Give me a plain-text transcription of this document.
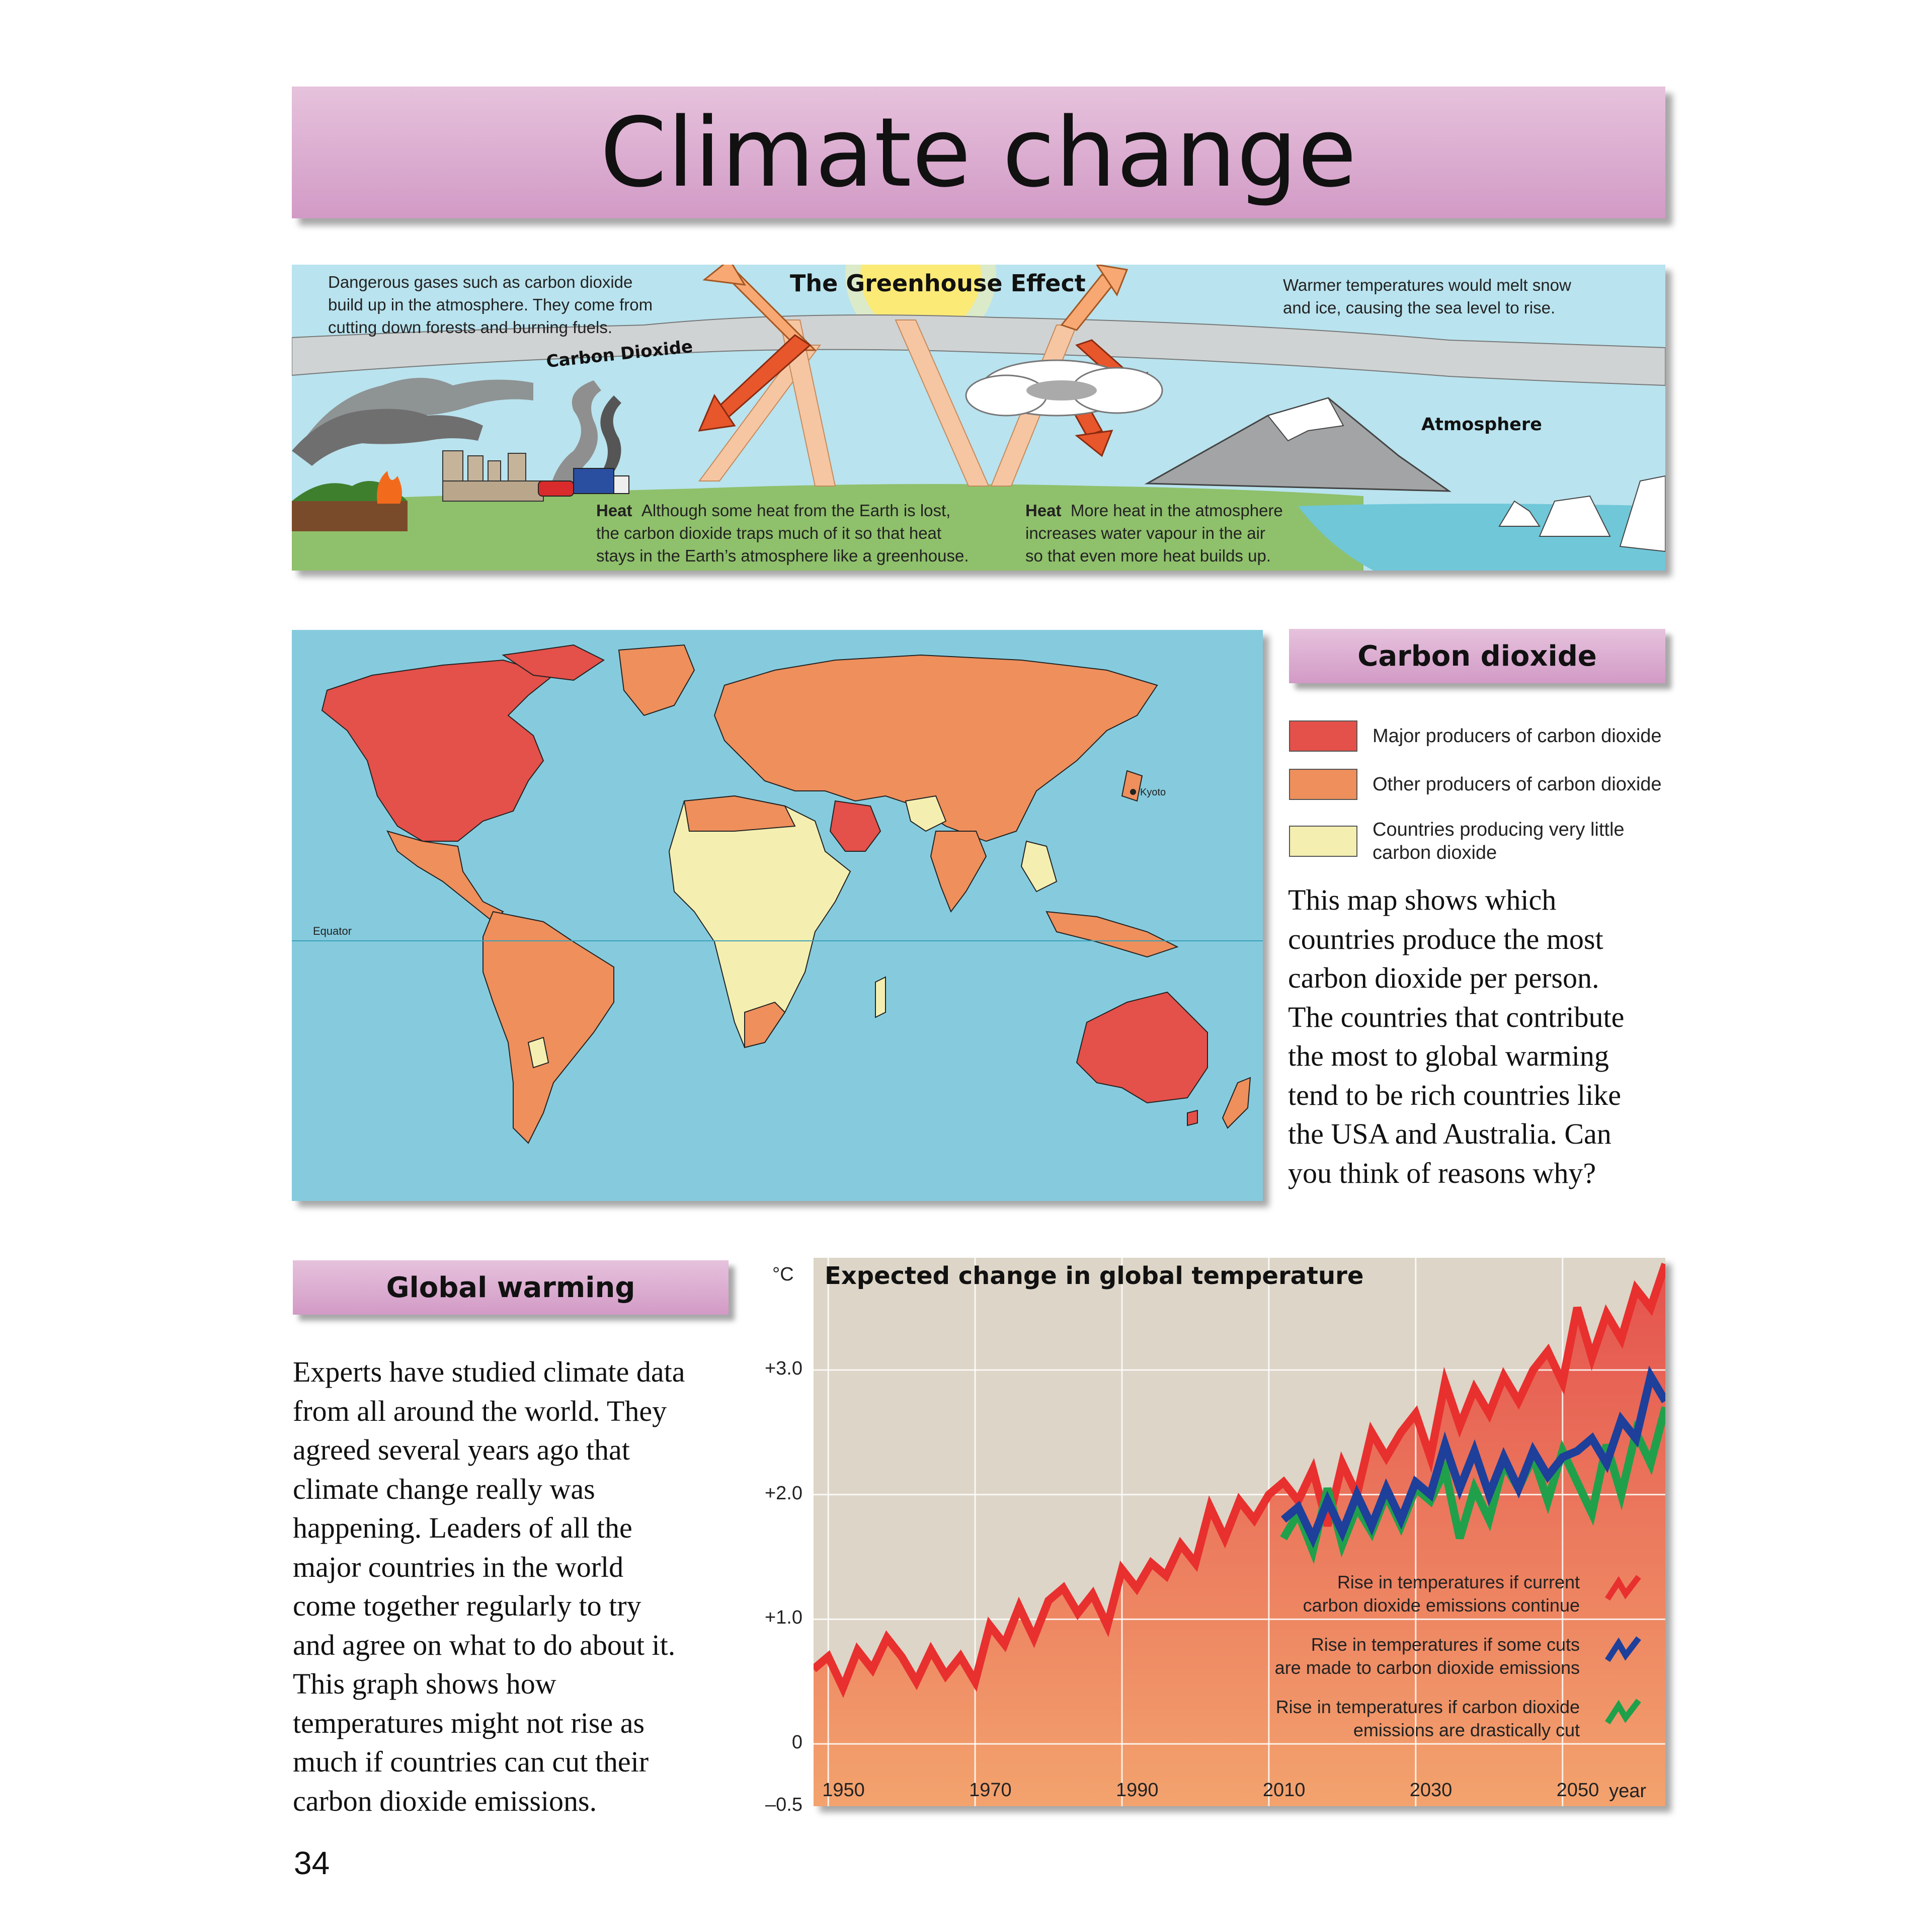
Climate change
The Greenhouse Effect
Carbon Dioxide
Atmosphere
Dangerous gases such as carbon dioxide
build up in the atmosphere. They come from
cutting down forests and burning fuels.
Warmer temperatures would melt snow
and ice, causing the sea level to rise.
Heat Although some heat from the Earth is lost,
the carbon dioxide traps much of it so that heat
stays in the Earth’s atmosphere like a greenhouse.
Heat More heat in the atmosphere
increases water vapour in the air
so that even more heat builds up.
Equator
Kyoto
Carbon dioxide
Major producers of carbon dioxide
Other producers of carbon dioxide
Countries producing very little
carbon dioxide
This map shows which
countries produce the most
carbon dioxide per person.
The countries that contribute
the most to global warming
tend to be rich countries like
the USA and Australia. Can
you think of reasons why?
Global warming
Experts have studied climate data
from all around the world. They
agreed several years ago that
climate change really was
happening. Leaders of all the
major countries in the world
come together regularly to try
and agree on what to do about it.
This graph shows how
temperatures might not rise as
much if countries can cut their
carbon dioxide emissions.
°C
+3.0
+2.0
+1.0
0
–0.5
Expected change in global temperature
1950	1970	1990	2010	2030	2050 year
Rise in temperatures if current
carbon dioxide emissions continue
Rise in temperatures if some cuts
are made to carbon dioxide emissions
Rise in temperatures if carbon dioxide
emissions are drastically cut
34
